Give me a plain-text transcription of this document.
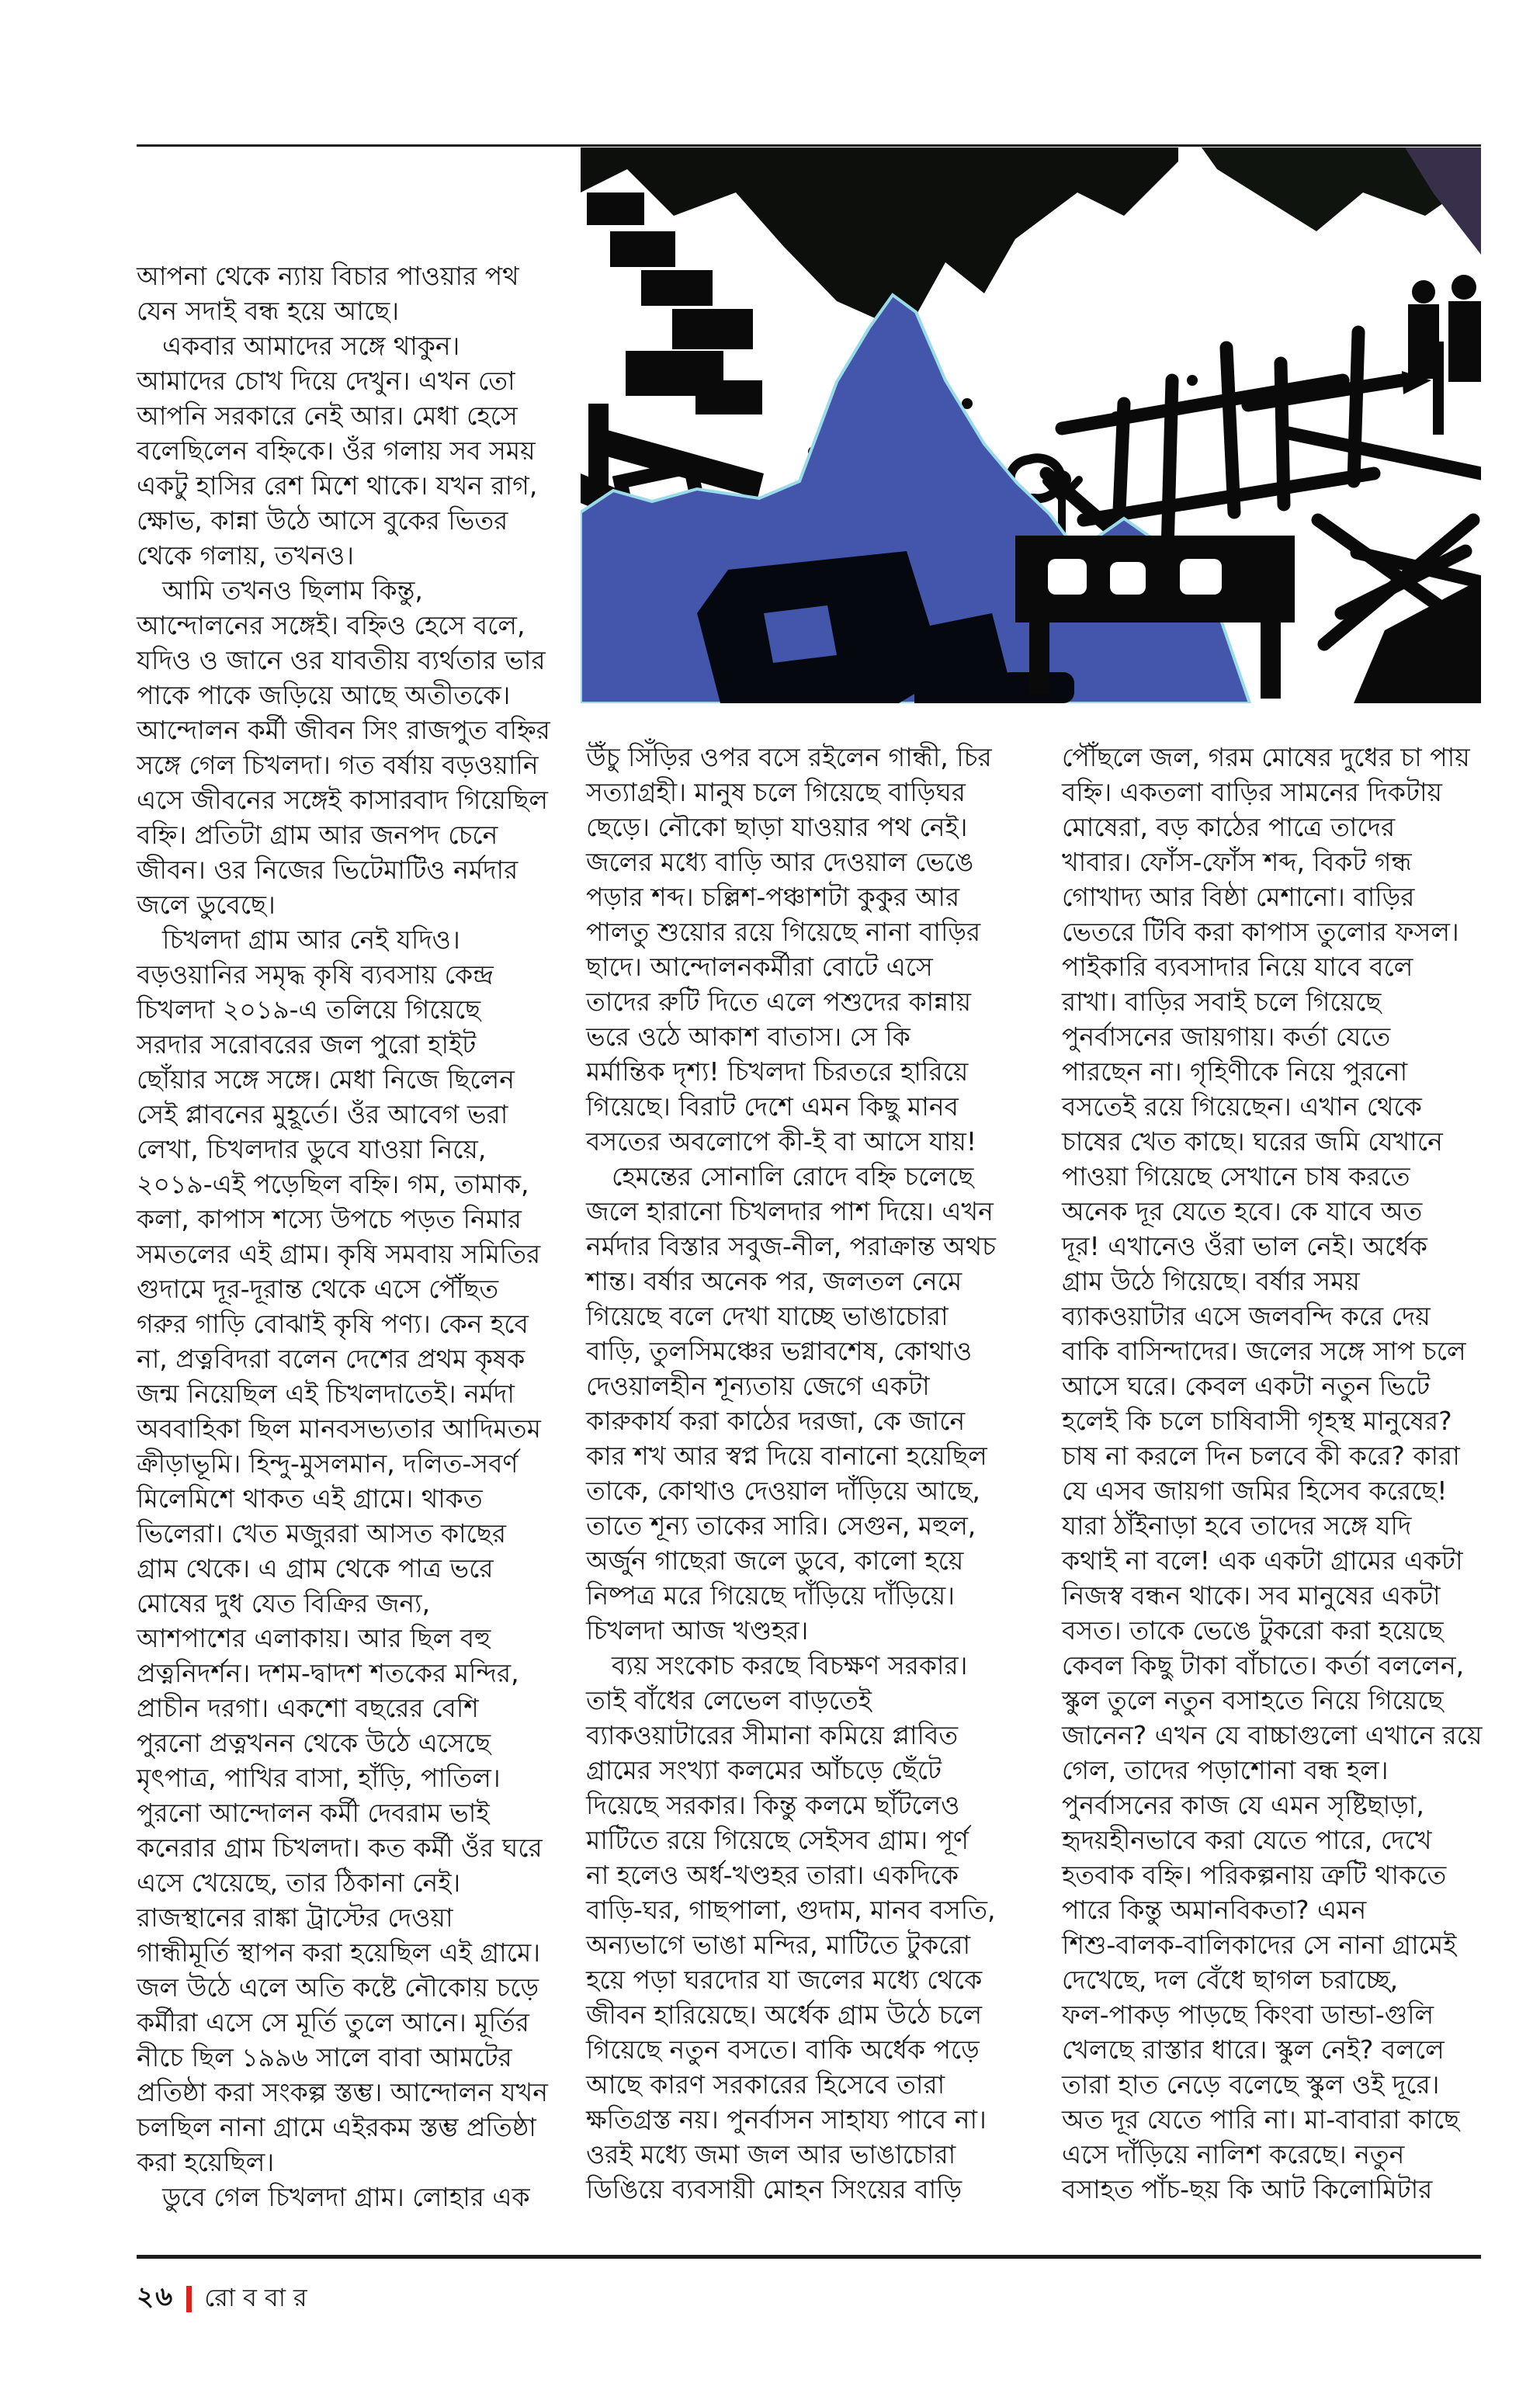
আপনা থেকে ন্যায় বিচার পাওয়ার পথ
যেন সদাই বন্ধ হয়ে আছে।
 একবার আমাদের সঙ্গে থাকুন।
আমাদের চোখ দিয়ে দেখুন। এখন তো
আপনি সরকারে নেই আর। মেধা হেসে
বলেছিলেন বহ্নিকে। ওঁর গলায় সব সময়
একটু হাসির রেশ মিশে থাকে। যখন রাগ,
ক্ষোভ, কান্না উঠে আসে বুকের ভিতর
থেকে গলায়, তখনও।
 আমি তখনও ছিলাম কিন্তু,
আন্দোলনের সঙ্গেই। বহ্নিও হেসে বলে,
যদিও ও জানে ওর যাবতীয় ব্যর্থতার ভার
পাকে পাকে জড়িয়ে আছে অতীতকে।
আন্দোলন কর্মী জীবন সিং রাজপুত বহ্নির
সঙ্গে গেল চিখলদা। গত বর্ষায় বড়ওয়ানি
এসে জীবনের সঙ্গেই কাসারবাদ গিয়েছিল
বহ্নি। প্রতিটা গ্রাম আর জনপদ চেনে
জীবন। ওর নিজের ভিটেমাটিও নর্মদার
জলে ডুবেছে।
 চিখলদা গ্রাম আর নেই যদিও।
বড়ওয়ানির সমৃদ্ধ কৃষি ব্যবসায় কেন্দ্র
চিখলদা ২০১৯-এ তলিয়ে গিয়েছে
সরদার সরোবরের জল পুরো হাইট
ছোঁয়ার সঙ্গে সঙ্গে। মেধা নিজে ছিলেন
সেই প্লাবনের মুহূর্তে। ওঁর আবেগ ভরা
লেখা, চিখলদার ডুবে যাওয়া নিয়ে,
২০১৯-এই পড়েছিল বহ্নি। গম, তামাক,
কলা, কাপাস শস্যে উপচে পড়ত নিমার
সমতলের এই গ্রাম। কৃষি সমবায় সমিতির
গুদামে দূর-দূরান্ত থেকে এসে পৌঁছত
গরুর গাড়ি বোঝাই কৃষি পণ্য। কেন হবে
না, প্রত্নবিদরা বলেন দেশের প্রথম কৃষক
জন্ম নিয়েছিল এই চিখলদাতেই। নর্মদা
অববাহিকা ছিল মানবসভ্যতার আদিমতম
ক্রীড়াভূমি। হিন্দু-মুসলমান, দলিত-সবর্ণ
মিলেমিশে থাকত এই গ্রামে। থাকত
ভিলেরা। খেত মজুররা আসত কাছের
গ্রাম থেকে। এ গ্রাম থেকে পাত্র ভরে
মোষের দুধ যেত বিক্রির জন্য,
আশপাশের এলাকায়। আর ছিল বহু
প্রত্ননিদর্শন। দশম-দ্বাদশ শতকের মন্দির,
প্রাচীন দরগা। একশো বছরের বেশি
পুরনো প্রত্নখনন থেকে উঠে এসেছে
মৃৎপাত্র, পাখির বাসা, হাঁড়ি, পাতিল।
পুরনো আন্দোলন কর্মী দেবরাম ভাই
কনেরার গ্রাম চিখলদা। কত কর্মী ওঁর ঘরে
এসে খেয়েছে, তার ঠিকানা নেই।
রাজস্থানের রাঙ্কা ট্রাস্টের দেওয়া
গান্ধীমূর্তি স্থাপন করা হয়েছিল এই গ্রামে।
জল উঠে এলে অতি কষ্টে নৌকোয় চড়ে
কর্মীরা এসে সে মূর্তি তুলে আনে। মূর্তির
নীচে ছিল ১৯৯৬ সালে বাবা আমটের
প্রতিষ্ঠা করা সংকল্প স্তম্ভ। আন্দোলন যখন
চলছিল নানা গ্রামে এইরকম স্তম্ভ প্রতিষ্ঠা
করা হয়েছিল।
 ডুবে গেল চিখলদা গ্রাম। লোহার এক
উঁচু সিঁড়ির ওপর বসে রইলেন গান্ধী, চির
সত্যাগ্রহী। মানুষ চলে গিয়েছে বাড়িঘর
ছেড়ে। নৌকো ছাড়া যাওয়ার পথ নেই।
জলের মধ্যে বাড়ি আর দেওয়াল ভেঙে
পড়ার শব্দ। চল্লিশ-পঞ্চাশটা কুকুর আর
পালতু শুয়োর রয়ে গিয়েছে নানা বাড়ির
ছাদে। আন্দোলনকর্মীরা বোটে এসে
তাদের রুটি দিতে এলে পশুদের কান্নায়
ভরে ওঠে আকাশ বাতাস। সে কি
মর্মান্তিক দৃশ্য! চিখলদা চিরতরে হারিয়ে
গিয়েছে। বিরাট দেশে এমন কিছু মানব
বসতের অবলোপে কী-ই বা আসে যায়!
 হেমন্তের সোনালি রোদে বহ্নি চলেছে
জলে হারানো চিখলদার পাশ দিয়ে। এখন
নর্মদার বিস্তার সবুজ-নীল, পরাক্রান্ত অথচ
শান্ত। বর্ষার অনেক পর, জলতল নেমে
গিয়েছে বলে দেখা যাচ্ছে ভাঙাচোরা
বাড়ি, তুলসিমঞ্চের ভগ্নাবশেষ, কোথাও
দেওয়ালহীন শূন্যতায় জেগে একটা
কারুকার্য করা কাঠের দরজা, কে জানে
কার শখ আর স্বপ্ন দিয়ে বানানো হয়েছিল
তাকে, কোথাও দেওয়াল দাঁড়িয়ে আছে,
তাতে শূন্য তাকের সারি। সেগুন, মহুল,
অর্জুন গাছেরা জলে ডুবে, কালো হয়ে
নিষ্পত্র মরে গিয়েছে দাঁড়িয়ে দাঁড়িয়ে।
চিখলদা আজ খণ্ডহর।
 ব্যয় সংকোচ করছে বিচক্ষণ সরকার।
তাই বাঁধের লেভেল বাড়তেই
ব্যাকওয়াটারের সীমানা কমিয়ে প্লাবিত
গ্রামের সংখ্যা কলমের আঁচড়ে ছেঁটে
দিয়েছে সরকার। কিন্তু কলমে ছাঁটলেও
মাটিতে রয়ে গিয়েছে সেইসব গ্রাম। পূর্ণ
না হলেও অর্ধ-খণ্ডহর তারা। একদিকে
বাড়ি-ঘর, গাছপালা, গুদাম, মানব বসতি,
অন্যভাগে ভাঙা মন্দির, মাটিতে টুকরো
হয়ে পড়া ঘরদোর যা জলের মধ্যে থেকে
জীবন হারিয়েছে। অর্ধেক গ্রাম উঠে চলে
গিয়েছে নতুন বসতে। বাকি অর্ধেক পড়ে
আছে কারণ সরকারের হিসেবে তারা
ক্ষতিগ্রস্ত নয়। পুনর্বাসন সাহায্য পাবে না।
ওরই মধ্যে জমা জল আর ভাঙাচোরা
ডিঙিয়ে ব্যবসায়ী মোহন সিংয়ের বাড়ি
পৌঁছলে জল, গরম মোষের দুধের চা পায়
বহ্নি। একতলা বাড়ির সামনের দিকটায়
মোষেরা, বড় কাঠের পাত্রে তাদের
খাবার। ফোঁস-ফোঁস শব্দ, বিকট গন্ধ
গোখাদ্য আর বিষ্ঠা মেশানো। বাড়ির
ভেতরে টিবি করা কাপাস তুলোর ফসল।
পাইকারি ব্যবসাদার নিয়ে যাবে বলে
রাখা। বাড়ির সবাই চলে গিয়েছে
পুনর্বাসনের জায়গায়। কর্তা যেতে
পারছেন না। গৃহিণীকে নিয়ে পুরনো
বসতেই রয়ে গিয়েছেন। এখান থেকে
চাষের খেত কাছে। ঘরের জমি যেখানে
পাওয়া গিয়েছে সেখানে চাষ করতে
অনেক দূর যেতে হবে। কে যাবে অত
দূর! এখানেও ওঁরা ভাল নেই। অর্ধেক
গ্রাম উঠে গিয়েছে। বর্ষার সময়
ব্যাকওয়াটার এসে জলবন্দি করে দেয়
বাকি বাসিন্দাদের। জলের সঙ্গে সাপ চলে
আসে ঘরে। কেবল একটা নতুন ভিটে
হলেই কি চলে চাষিবাসী গৃহস্থ মানুষের?
চাষ না করলে দিন চলবে কী করে? কারা
যে এসব জায়গা জমির হিসেব করেছে!
যারা ঠাঁইনাড়া হবে তাদের সঙ্গে যদি
কথাই না বলে! এক একটা গ্রামের একটা
নিজস্ব বন্ধন থাকে। সব মানুষের একটা
বসত। তাকে ভেঙে টুকরো করা হয়েছে
কেবল কিছু টাকা বাঁচাতে। কর্তা বললেন,
স্কুল তুলে নতুন বসাহতে নিয়ে গিয়েছে
জানেন? এখন যে বাচ্চাগুলো এখানে রয়ে
গেল, তাদের পড়াশোনা বন্ধ হল।
পুনর্বাসনের কাজ যে এমন সৃষ্টিছাড়া,
হৃদয়হীনভাবে করা যেতে পারে, দেখে
হতবাক বহ্নি। পরিকল্পনায় ত্রুটি থাকতে
পারে কিন্তু অমানবিকতা? এমন
শিশু-বালক-বালিকাদের সে নানা গ্রামেই
দেখেছে, দল বেঁধে ছাগল চরাচ্ছে,
ফল-পাকড় পাড়ছে কিংবা ডান্ডা-গুলি
খেলছে রাস্তার ধারে। স্কুল নেই? বললে
তারা হাত নেড়ে বলেছে স্কুল ওই দূরে।
অত দূর যেতে পারি না। মা-বাবারা কাছে
এসে দাঁড়িয়ে নালিশ করেছে। নতুন
বসাহত পাঁচ-ছয় কি আট কিলোমিটার
২৬ রোববার
